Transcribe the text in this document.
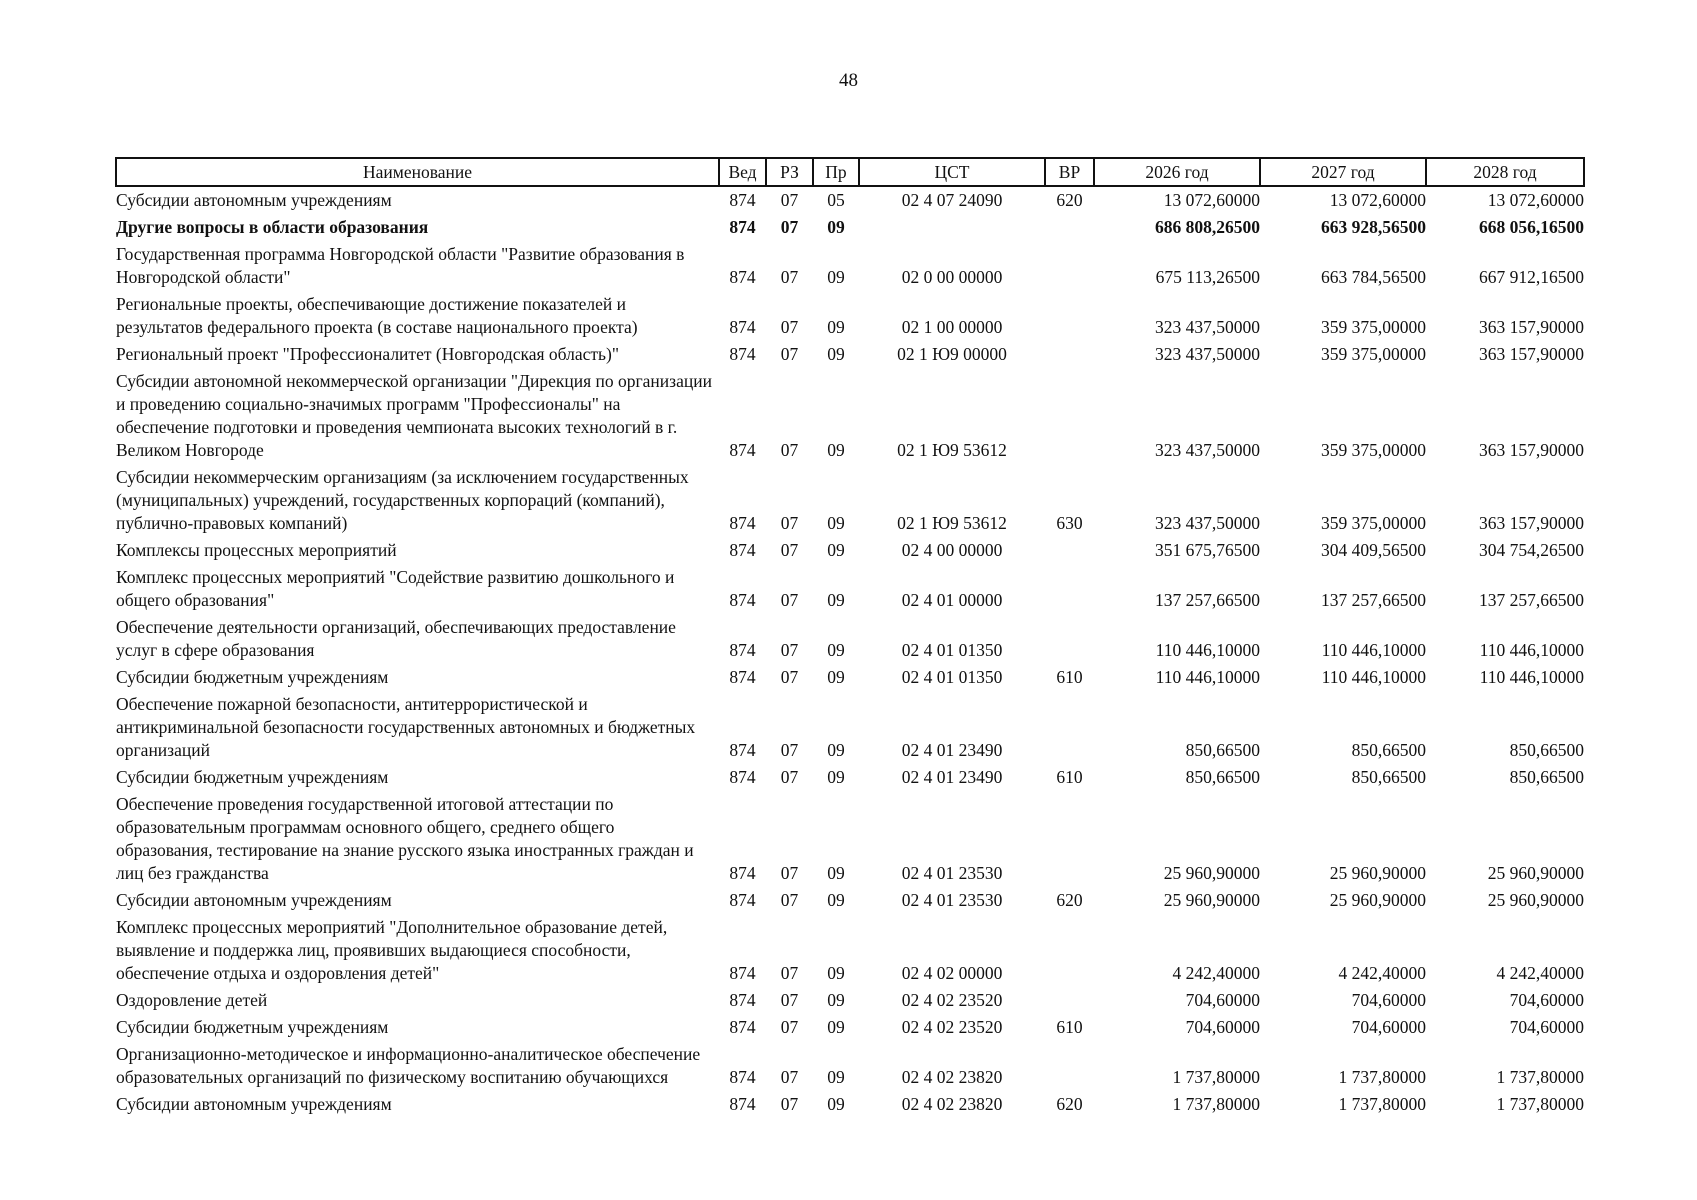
48
Наименование	Вед	РЗ	Пр	ЦСТ	ВР	2026 год	2027 год	2028 год
Субсидии автономным учреждениям	874	07	05	02 4 07 24090	620	13 072,60000	13 072,60000	13 072,60000
Другие вопросы в области образования	874	07	09			686 808,26500	663 928,56500	668 056,16500
Государственная программа Новгородской области "Развитие образования в Новгородской области"	874	07	09	02 0 00 00000		675 113,26500	663 784,56500	667 912,16500
Региональные проекты, обеспечивающие достижение показателей и результатов федерального проекта (в составе национального проекта)	874	07	09	02 1 00 00000		323 437,50000	359 375,00000	363 157,90000
Региональный проект "Профессионалитет (Новгородская область)"	874	07	09	02 1 Ю9 00000		323 437,50000	359 375,00000	363 157,90000
Субсидии автономной некоммерческой организации "Дирекция по организации и проведению социально-значимых программ "Профессионалы" на обеспечение подготовки и проведения чемпионата высоких технологий в г. Великом Новгороде	874	07	09	02 1 Ю9 53612		323 437,50000	359 375,00000	363 157,90000
Субсидии некоммерческим организациям (за исключением государственных (муниципальных) учреждений, государственных корпораций (компаний), публично-правовых компаний)	874	07	09	02 1 Ю9 53612	630	323 437,50000	359 375,00000	363 157,90000
Комплексы процессных мероприятий	874	07	09	02 4 00 00000		351 675,76500	304 409,56500	304 754,26500
Комплекс процессных мероприятий "Содействие развитию дошкольного и общего образования"	874	07	09	02 4 01 00000		137 257,66500	137 257,66500	137 257,66500
Обеспечение деятельности организаций, обеспечивающих предоставление услуг в сфере образования	874	07	09	02 4 01 01350		110 446,10000	110 446,10000	110 446,10000
Субсидии бюджетным учреждениям	874	07	09	02 4 01 01350	610	110 446,10000	110 446,10000	110 446,10000
Обеспечение пожарной безопасности, антитеррористической и антикриминальной безопасности государственных автономных и бюджетных организаций	874	07	09	02 4 01 23490		850,66500	850,66500	850,66500
Субсидии бюджетным учреждениям	874	07	09	02 4 01 23490	610	850,66500	850,66500	850,66500
Обеспечение проведения государственной итоговой аттестации по образовательным программам основного общего, среднего общего образования, тестирование на знание русского языка иностранных граждан и лиц без гражданства	874	07	09	02 4 01 23530		25 960,90000	25 960,90000	25 960,90000
Субсидии автономным учреждениям	874	07	09	02 4 01 23530	620	25 960,90000	25 960,90000	25 960,90000
Комплекс процессных мероприятий "Дополнительное образование детей, выявление и поддержка лиц, проявивших выдающиеся способности, обеспечение отдыха и оздоровления детей"	874	07	09	02 4 02 00000		4 242,40000	4 242,40000	4 242,40000
Оздоровление детей	874	07	09	02 4 02 23520		704,60000	704,60000	704,60000
Субсидии бюджетным учреждениям	874	07	09	02 4 02 23520	610	704,60000	704,60000	704,60000
Организационно-методическое и информационно-аналитическое обеспечение образовательных организаций по физическому воспитанию обучающихся	874	07	09	02 4 02 23820		1 737,80000	1 737,80000	1 737,80000
Субсидии автономным учреждениям	874	07	09	02 4 02 23820	620	1 737,80000	1 737,80000	1 737,80000
